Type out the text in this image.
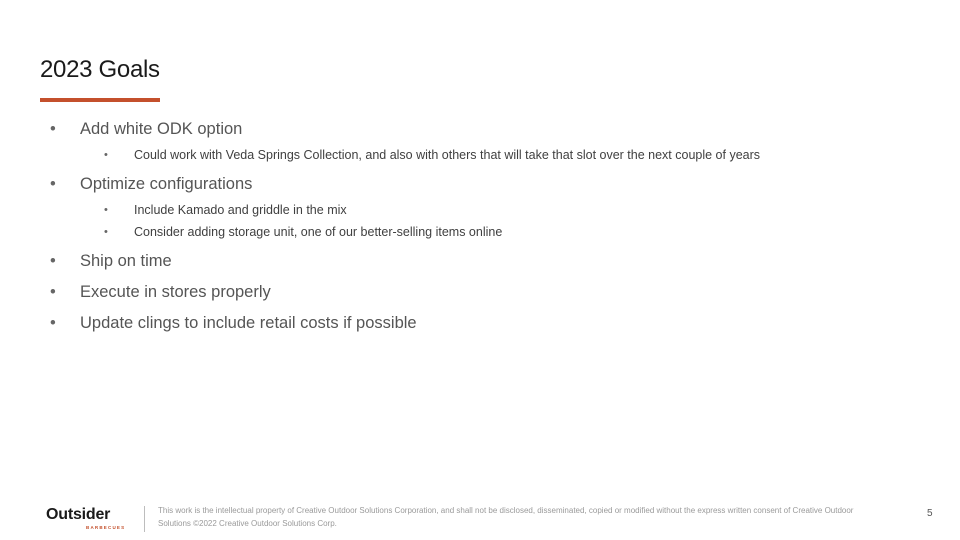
2023 Goals
• Add white ODK option
• Could work with Veda Springs Collection, and also with others that will take that slot over the next couple of years
• Optimize configurations
• Include Kamado and griddle in the mix
• Consider adding storage unit, one of our better-selling items online
• Ship on time
• Execute in stores properly
• Update clings to include retail costs if possible
Outsider
BARBECUES
This work is the intellectual property of Creative Outdoor Solutions Corporation, and shall not be disclosed, disseminated, copied or modified without the express written consent of Creative Outdoor Solutions ©2022 Creative Outdoor Solutions Corp.
5
